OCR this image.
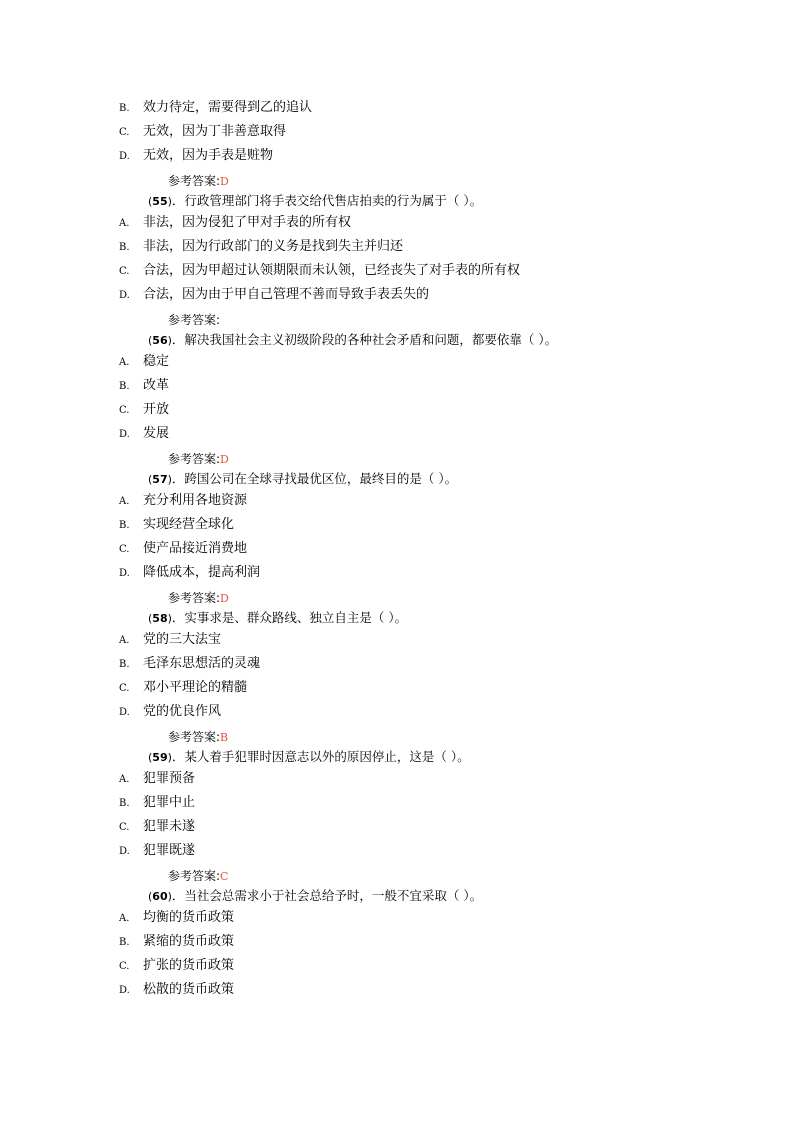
B. 效力待定，需要得到乙的追认
C. 无效，因为丁非善意取得
D. 无效，因为手表是赃物
参考答案:D
(55)．行政管理部门将手表交给代售店拍卖的行为属于（ ）。
A. 非法，因为侵犯了甲对手表的所有权
B. 非法，因为行政部门的义务是找到失主并归还
C. 合法，因为甲超过认领期限而未认领，已经丧失了对手表的所有权
D. 合法，因为由于甲自己管理不善而导致手表丢失的
参考答案:
(56)．解决我国社会主义初级阶段的各种社会矛盾和问题，都要依靠（ ）。
A. 稳定
B. 改革
C. 开放
D. 发展
参考答案:D
(57)．跨国公司在全球寻找最优区位，最终目的是（ ）。
A. 充分利用各地资源
B. 实现经营全球化
C. 使产品接近消费地
D. 降低成本，提高利润
参考答案:D
(58)．实事求是、群众路线、独立自主是（ ）。
A. 党的三大法宝
B. 毛泽东思想活的灵魂
C. 邓小平理论的精髓
D. 党的优良作风
参考答案:B
(59)．某人着手犯罪时因意志以外的原因停止，这是（ ）。
A. 犯罪预备
B. 犯罪中止
C. 犯罪未遂
D. 犯罪既遂
参考答案:C
(60)．当社会总需求小于社会总给予时，一般不宜采取（ ）。
A. 均衡的货币政策
B. 紧缩的货币政策
C. 扩张的货币政策
D. 松散的货币政策
